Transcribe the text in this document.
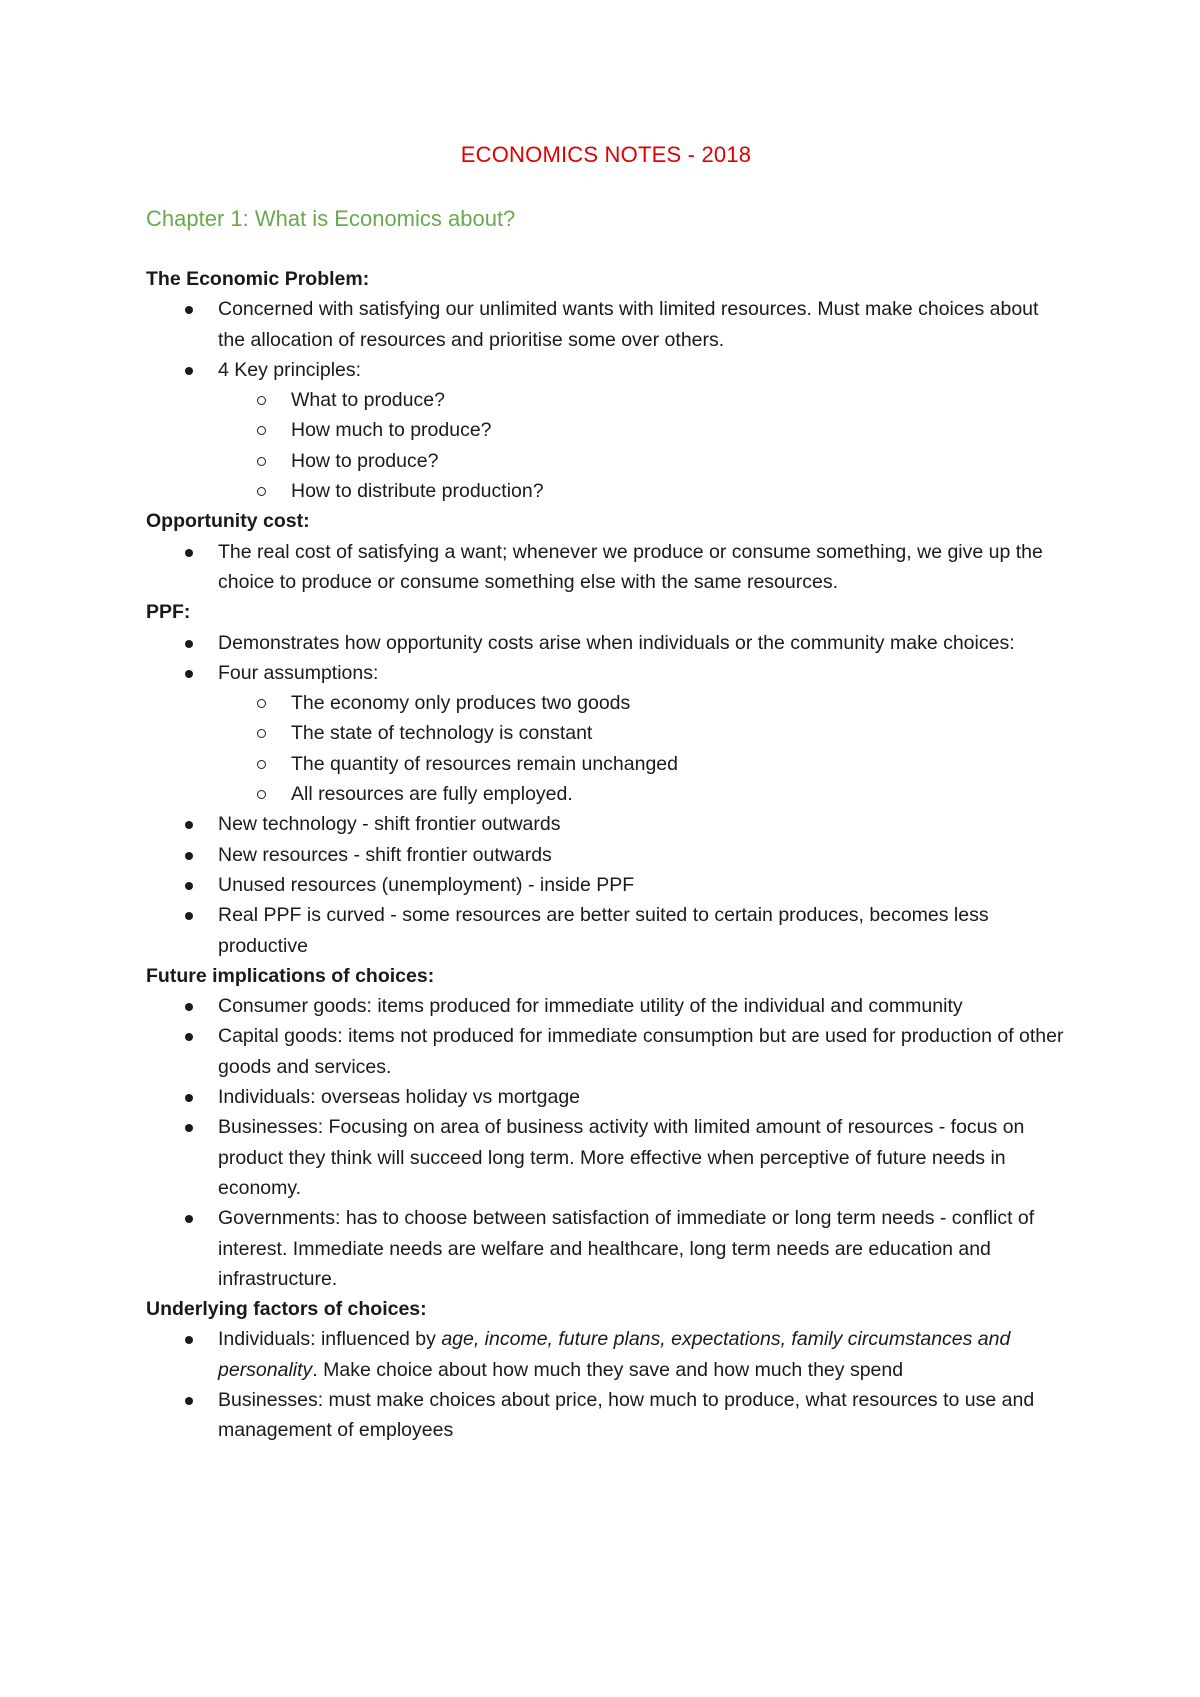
ECONOMICS NOTES - 2018
Chapter 1: What is Economics about?
The Economic Problem:
Concerned with satisfying our unlimited wants with limited resources. Must make choices about the allocation of resources and prioritise some over others.
4 Key principles:
What to produce?
How much to produce?
How to produce?
How to distribute production?
Opportunity cost:
The real cost of satisfying a want; whenever we produce or consume something, we give up the choice to produce or consume something else with the same resources.
PPF:
Demonstrates how opportunity costs arise when individuals or the community make choices:
Four assumptions:
The economy only produces two goods
The state of technology is constant
The quantity of resources remain unchanged
All resources are fully employed.
New technology - shift frontier outwards
New resources - shift frontier outwards
Unused resources (unemployment) - inside PPF
Real PPF is curved - some resources are better suited to certain produces, becomes less productive
Future implications of choices:
Consumer goods: items produced for immediate utility of the individual and community
Capital goods: items not produced for immediate consumption but are used for production of other goods and services.
Individuals: overseas holiday vs mortgage
Businesses: Focusing on area of business activity with limited amount of resources - focus on product they think will succeed long term. More effective when perceptive of future needs in economy.
Governments: has to choose between satisfaction of immediate or long term needs - conflict of interest. Immediate needs are welfare and healthcare, long term needs are education and infrastructure.
Underlying factors of choices:
Individuals: influenced by age, income, future plans, expectations, family circumstances and personality. Make choice about how much they save and how much they spend
Businesses: must make choices about price, how much to produce, what resources to use and management of employees
